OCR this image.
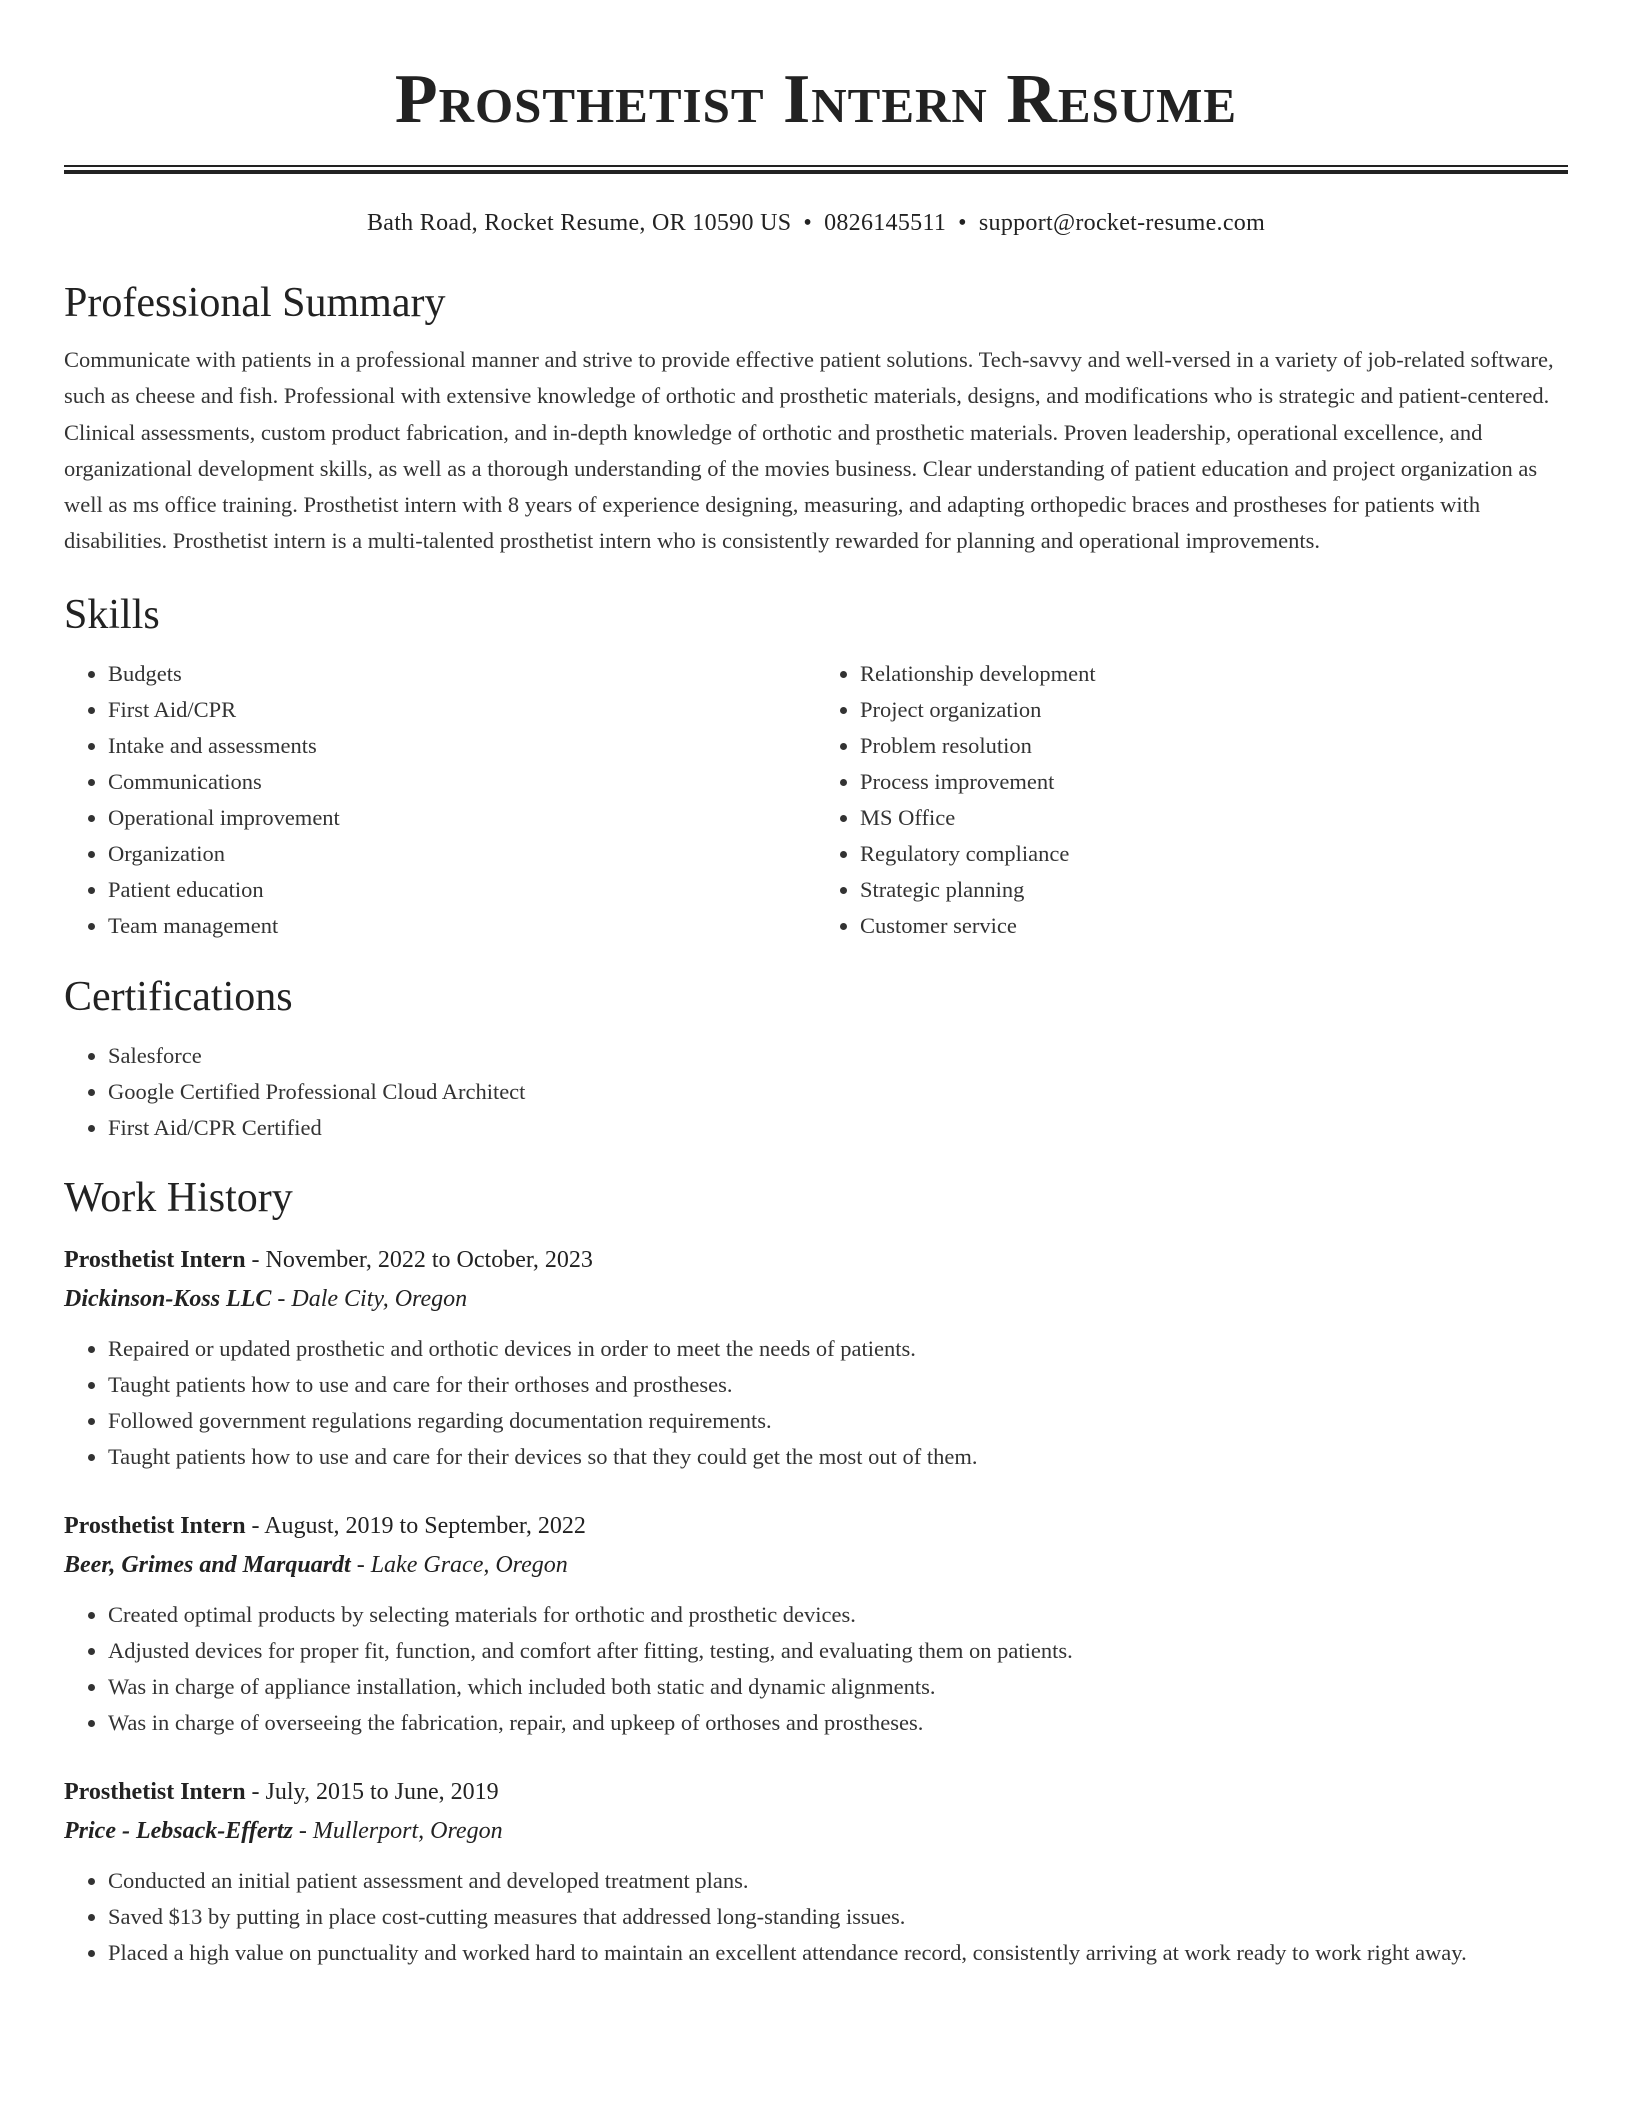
Prosthetist Intern Resume
Bath Road, Rocket Resume, OR 10590 US • 0826145511 • support@rocket-resume.com
Professional Summary

Communicate with patients in a professional manner and strive to provide effective patient solutions. Tech-savvy and well-versed in a variety of job-related software, such as cheese and fish. Professional with extensive knowledge of orthotic and prosthetic materials, designs, and modifications who is strategic and patient-centered. Clinical assessments, custom product fabrication, and in-depth knowledge of orthotic and prosthetic materials. Proven leadership, operational excellence, and organizational development skills, as well as a thorough understanding of the movies business. Clear understanding of patient education and project organization as well as ms office training. Prosthetist intern with 8 years of experience designing, measuring, and adapting orthopedic braces and prostheses for patients with disabilities. Prosthetist intern is a multi-talented prosthetist intern who is consistently rewarded for planning and operational improvements.

Skills
• Budgets
• First Aid/CPR
• Intake and assessments
• Communications
• Operational improvement
• Organization
• Patient education
• Team management
• Relationship development
• Project organization
• Problem resolution
• Process improvement
• MS Office
• Regulatory compliance
• Strategic planning
• Customer service
Certifications
• Salesforce
• Google Certified Professional Cloud Architect
• First Aid/CPR Certified
Work History
Prosthetist Intern - November, 2022 to October, 2023
Dickinson-Koss LLC - Dale City, Oregon
• Repaired or updated prosthetic and orthotic devices in order to meet the needs of patients.
• Taught patients how to use and care for their orthoses and prostheses.
• Followed government regulations regarding documentation requirements.
• Taught patients how to use and care for their devices so that they could get the most out of them.
Prosthetist Intern - August, 2019 to September, 2022
Beer, Grimes and Marquardt - Lake Grace, Oregon
• Created optimal products by selecting materials for orthotic and prosthetic devices.
• Adjusted devices for proper fit, function, and comfort after fitting, testing, and evaluating them on patients.
• Was in charge of appliance installation, which included both static and dynamic alignments.
• Was in charge of overseeing the fabrication, repair, and upkeep of orthoses and prostheses.
Prosthetist Intern - July, 2015 to June, 2019
Price - Lebsack-Effertz - Mullerport, Oregon
• Conducted an initial patient assessment and developed treatment plans.
• Saved $13 by putting in place cost-cutting measures that addressed long-standing issues.
• Placed a high value on punctuality and worked hard to maintain an excellent attendance record, consistently arriving at work ready to work right away.
